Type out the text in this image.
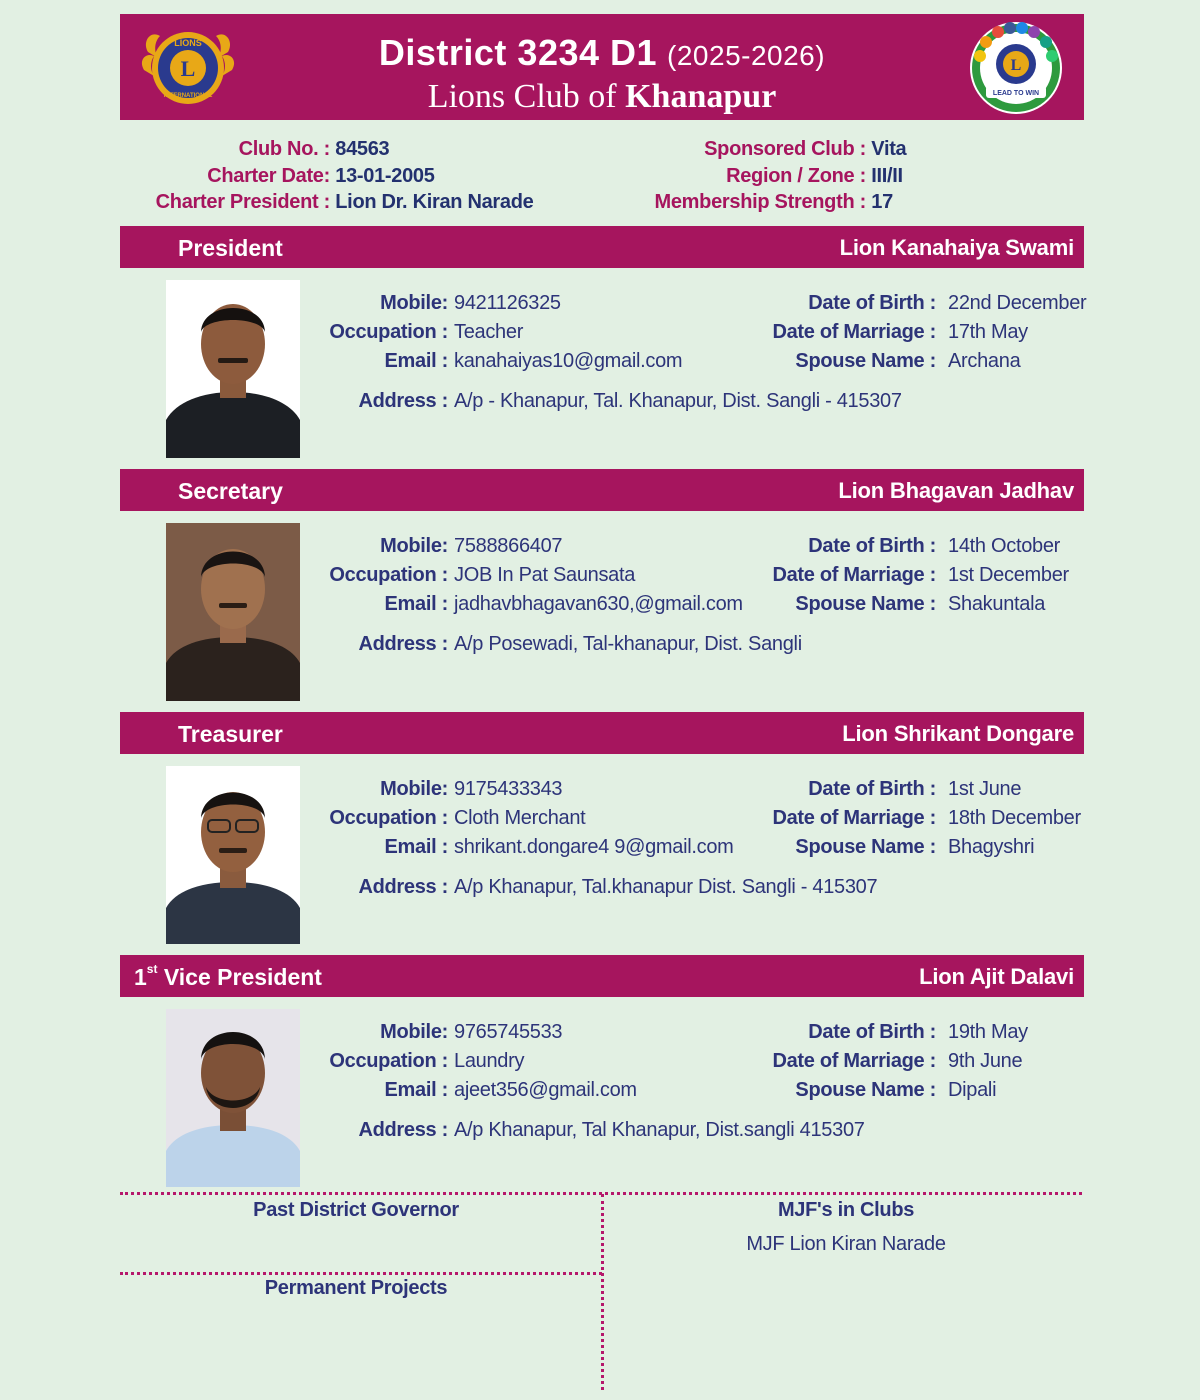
L
LIONS
INTERNATIONAL
District 3234 D1 (2025-2026)
Lions Club of Khanapur
L
LEAD TO WIN
Club No. : 84563
Charter Date: 13-01-2005
Charter President : Lion Dr. Kiran Narade
Sponsored Club : Vita
Region / Zone : III/II
Membership Strength : 17
President	Lion Kanahaiya Swami
Mobile: 9421126325
Occupation : Teacher
Email : kanahaiyas10@gmail.com
Address : A/p - Khanapur, Tal. Khanapur, Dist. Sangli - 415307
Date of Birth : 22nd December
Date of Marriage : 17th May
Spouse Name : Archana
Secretary	Lion Bhagavan Jadhav
Mobile: 7588866407
Occupation : JOB In Pat Saunsata
Email : jadhavbhagavan630,@gmail.com
Address : A/p Posewadi, Tal-khanapur, Dist. Sangli
Date of Birth : 14th October
Date of Marriage : 1st December
Spouse Name : Shakuntala
Treasurer	Lion Shrikant Dongare
Mobile: 9175433343
Occupation : Cloth Merchant
Email : shrikant.dongare4 9@gmail.com
Address : A/p Khanapur, Tal.khanapur Dist. Sangli - 415307
Date of Birth : 1st June
Date of Marriage : 18th December
Spouse Name : Bhagyshri
1st Vice President	Lion Ajit Dalavi
Mobile: 9765745533
Occupation : Laundry
Email : ajeet356@gmail.com
Address : A/p Khanapur, Tal Khanapur, Dist.sangli 415307
Date of Birth : 19th May
Date of Marriage : 9th June
Spouse Name : Dipali
Past District Governor	MJF's in Clubs
MJF Lion Kiran Narade
Permanent Projects
